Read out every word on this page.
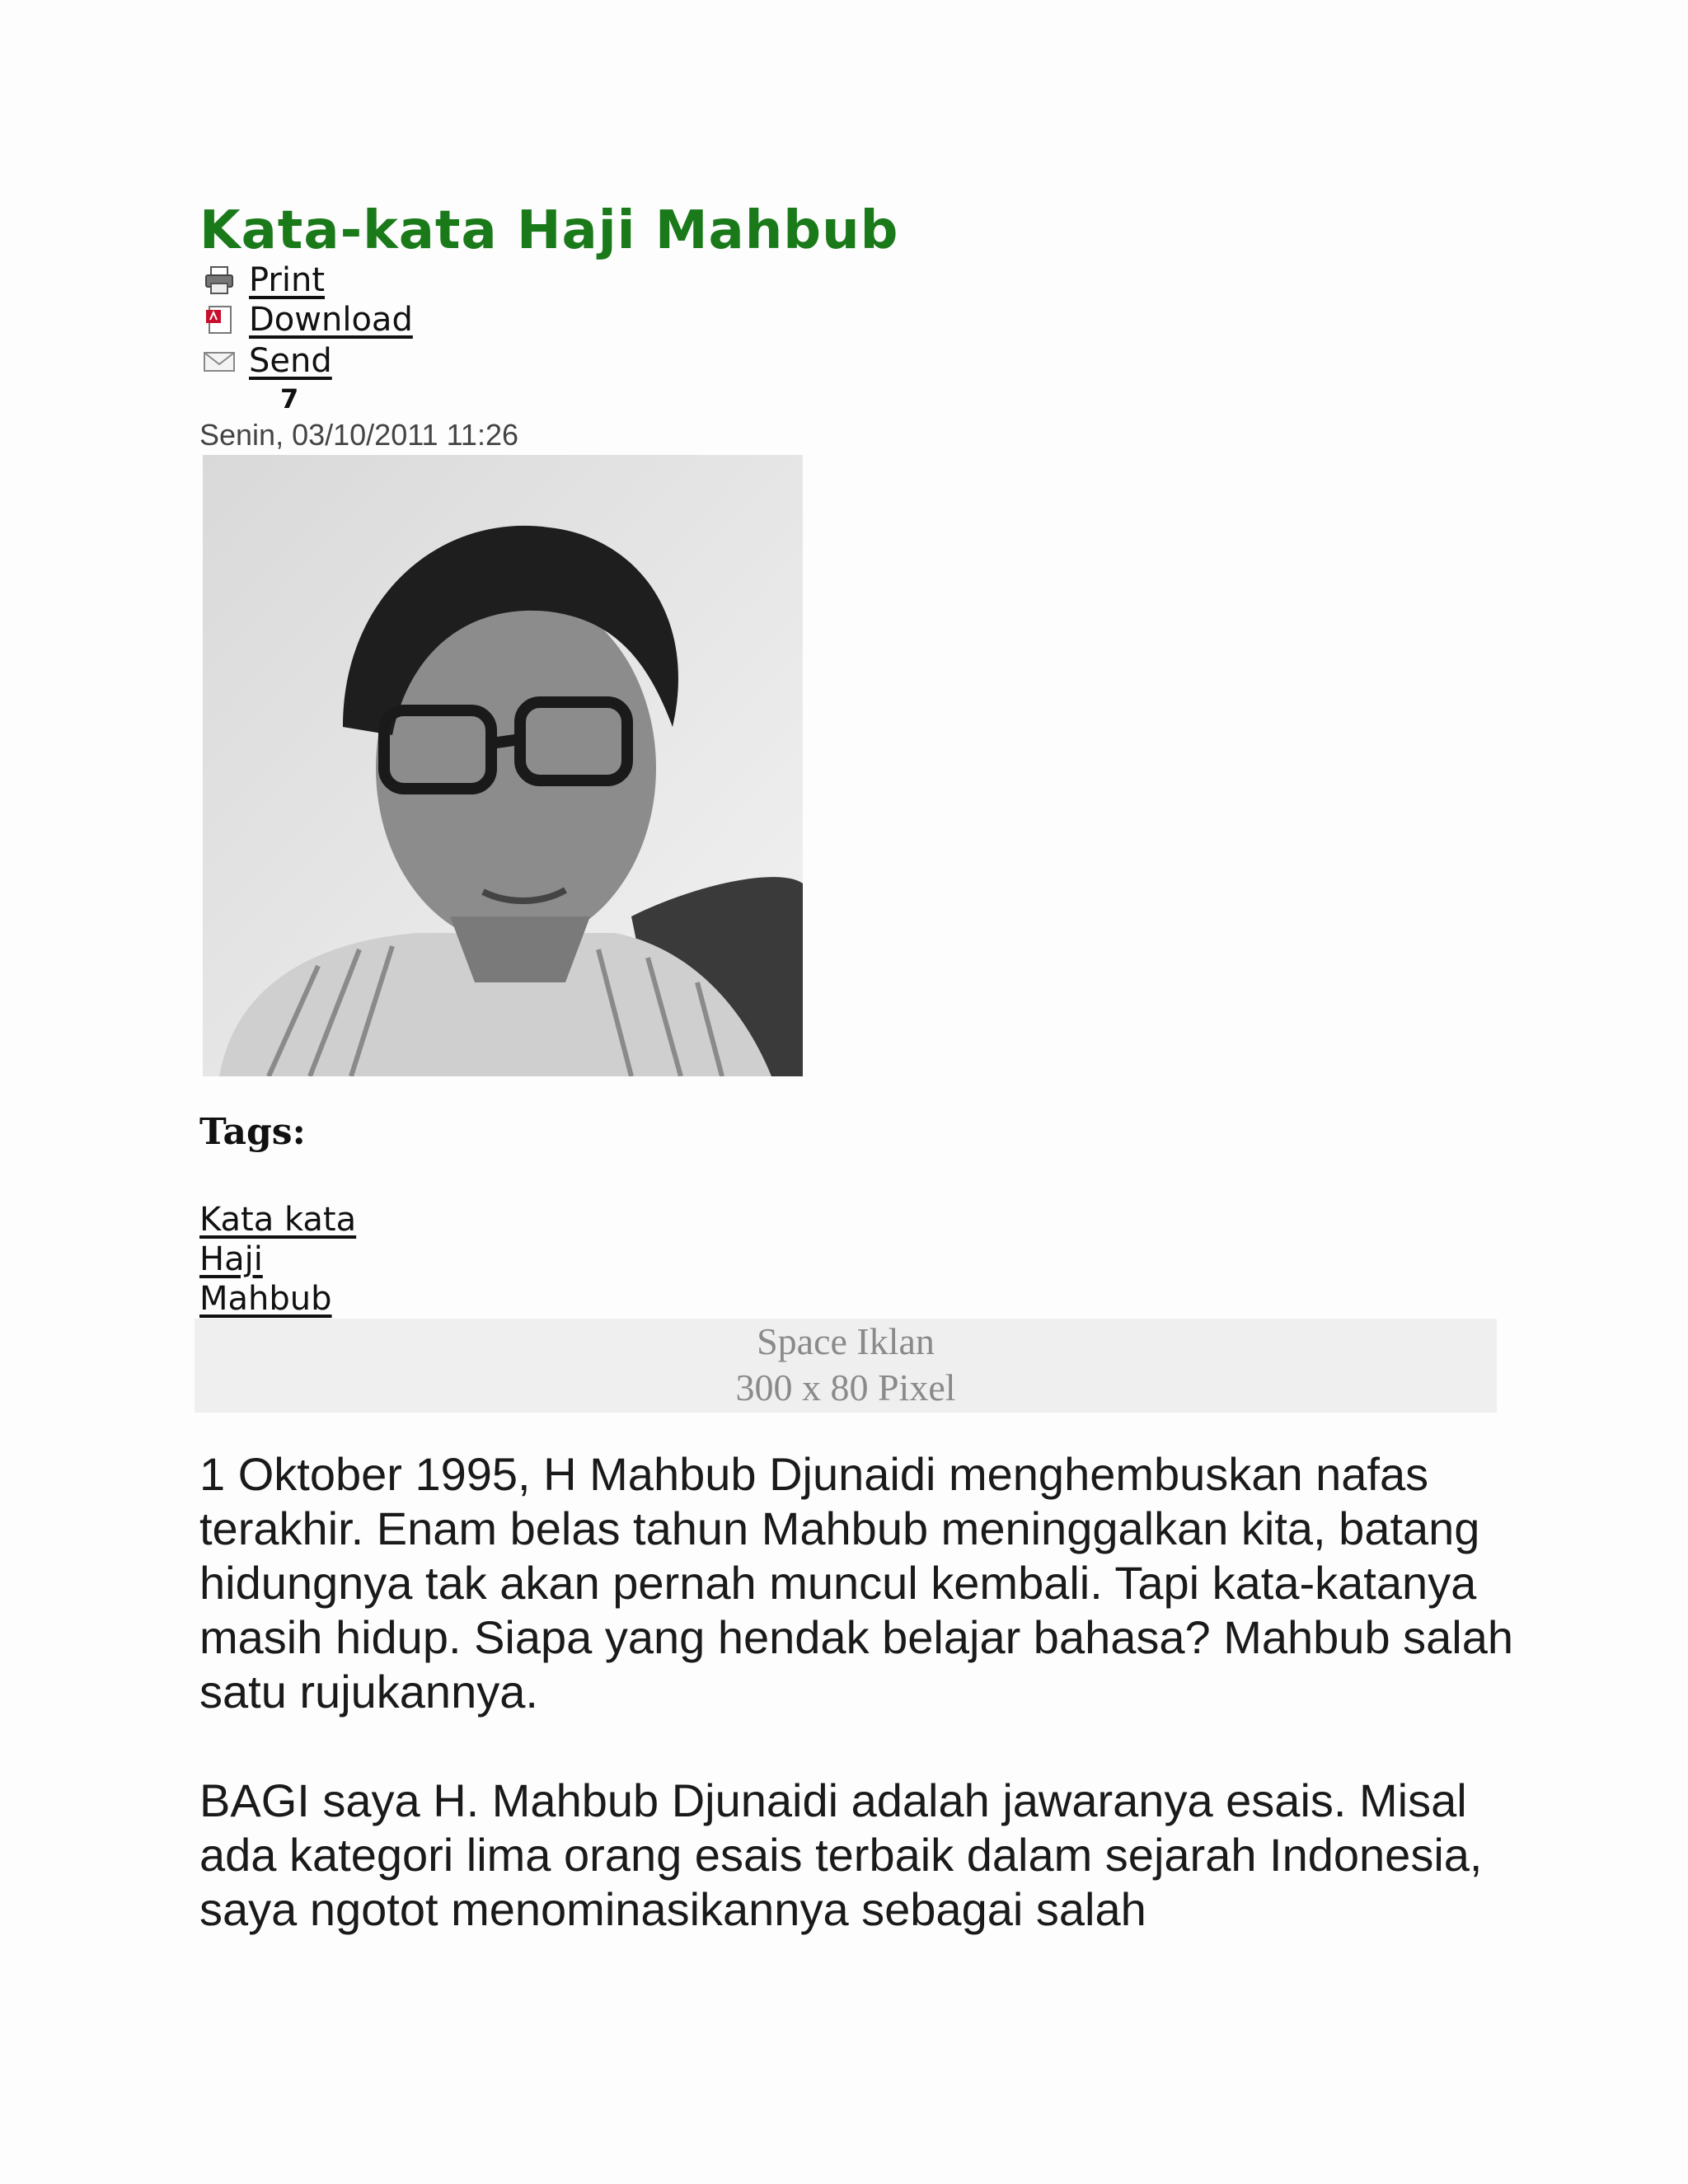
Kata-kata Haji Mahbub
Print
Download
Send
7
Senin, 03/10/2011 11:26
Tags:
Kata kata
Haji
Mahbub
Space Iklan
300 x 80 Pixel

1 Oktober 1995, H Mahbub Djunaidi menghembuskan nafas terakhir. Enam belas tahun Mahbub meninggalkan kita, batang hidungnya tak akan pernah muncul kembali. Tapi kata-katanya masih hidup. Siapa yang hendak belajar bahasa? Mahbub salah satu rujukannya.

BAGI saya H. Mahbub Djunaidi adalah jawaranya esais. Misal ada kategori lima orang esais terbaik dalam sejarah Indonesia, saya ngotot menominasikannya sebagai salah
